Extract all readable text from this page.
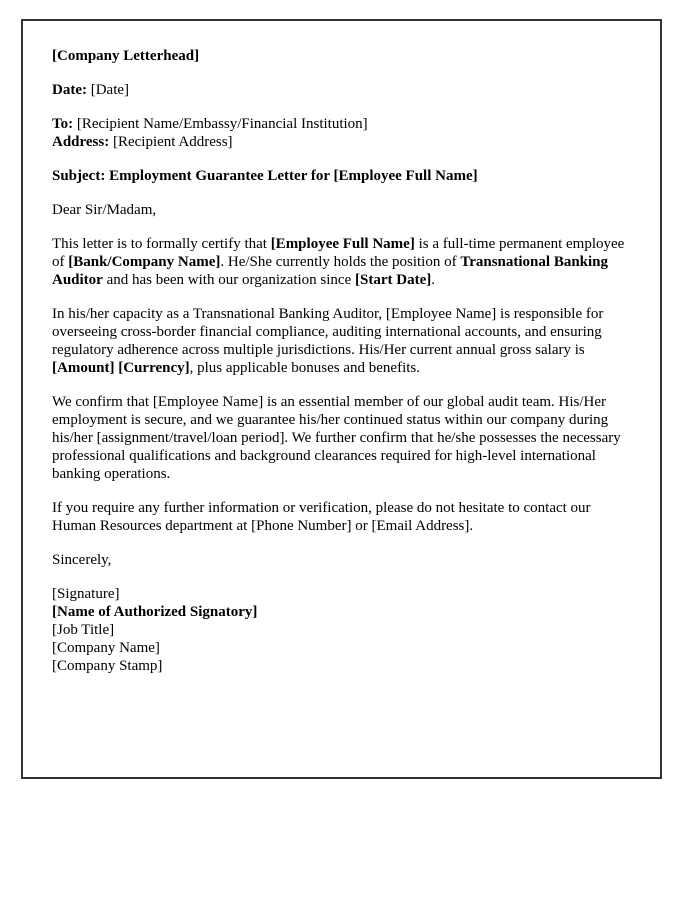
[Company Letterhead]

Date: [Date]

To: [Recipient Name/Embassy/Financial Institution]
Address: [Recipient Address]

Subject: Employment Guarantee Letter for [Employee Full Name]

Dear Sir/Madam,

This letter is to formally certify that [Employee Full Name] is a full-time permanent employee of [Bank/Company Name]. He/She currently holds the position of Transnational Banking Auditor and has been with our organization since [Start Date].

In his/her capacity as a Transnational Banking Auditor, [Employee Name] is responsible for overseeing cross-border financial compliance, auditing international accounts, and ensuring regulatory adherence across multiple jurisdictions. His/Her current annual gross salary is [Amount] [Currency], plus applicable bonuses and benefits.

We confirm that [Employee Name] is an essential member of our global audit team. His/Her employment is secure, and we guarantee his/her continued status within our company during his/her [assignment/travel/loan period]. We further confirm that he/she possesses the necessary professional qualifications and background clearances required for high-level international banking operations.

If you require any further information or verification, please do not hesitate to contact our Human Resources department at [Phone Number] or [Email Address].

Sincerely,

[Signature]
[Name of Authorized Signatory]
[Job Title]
[Company Name]
[Company Stamp]
